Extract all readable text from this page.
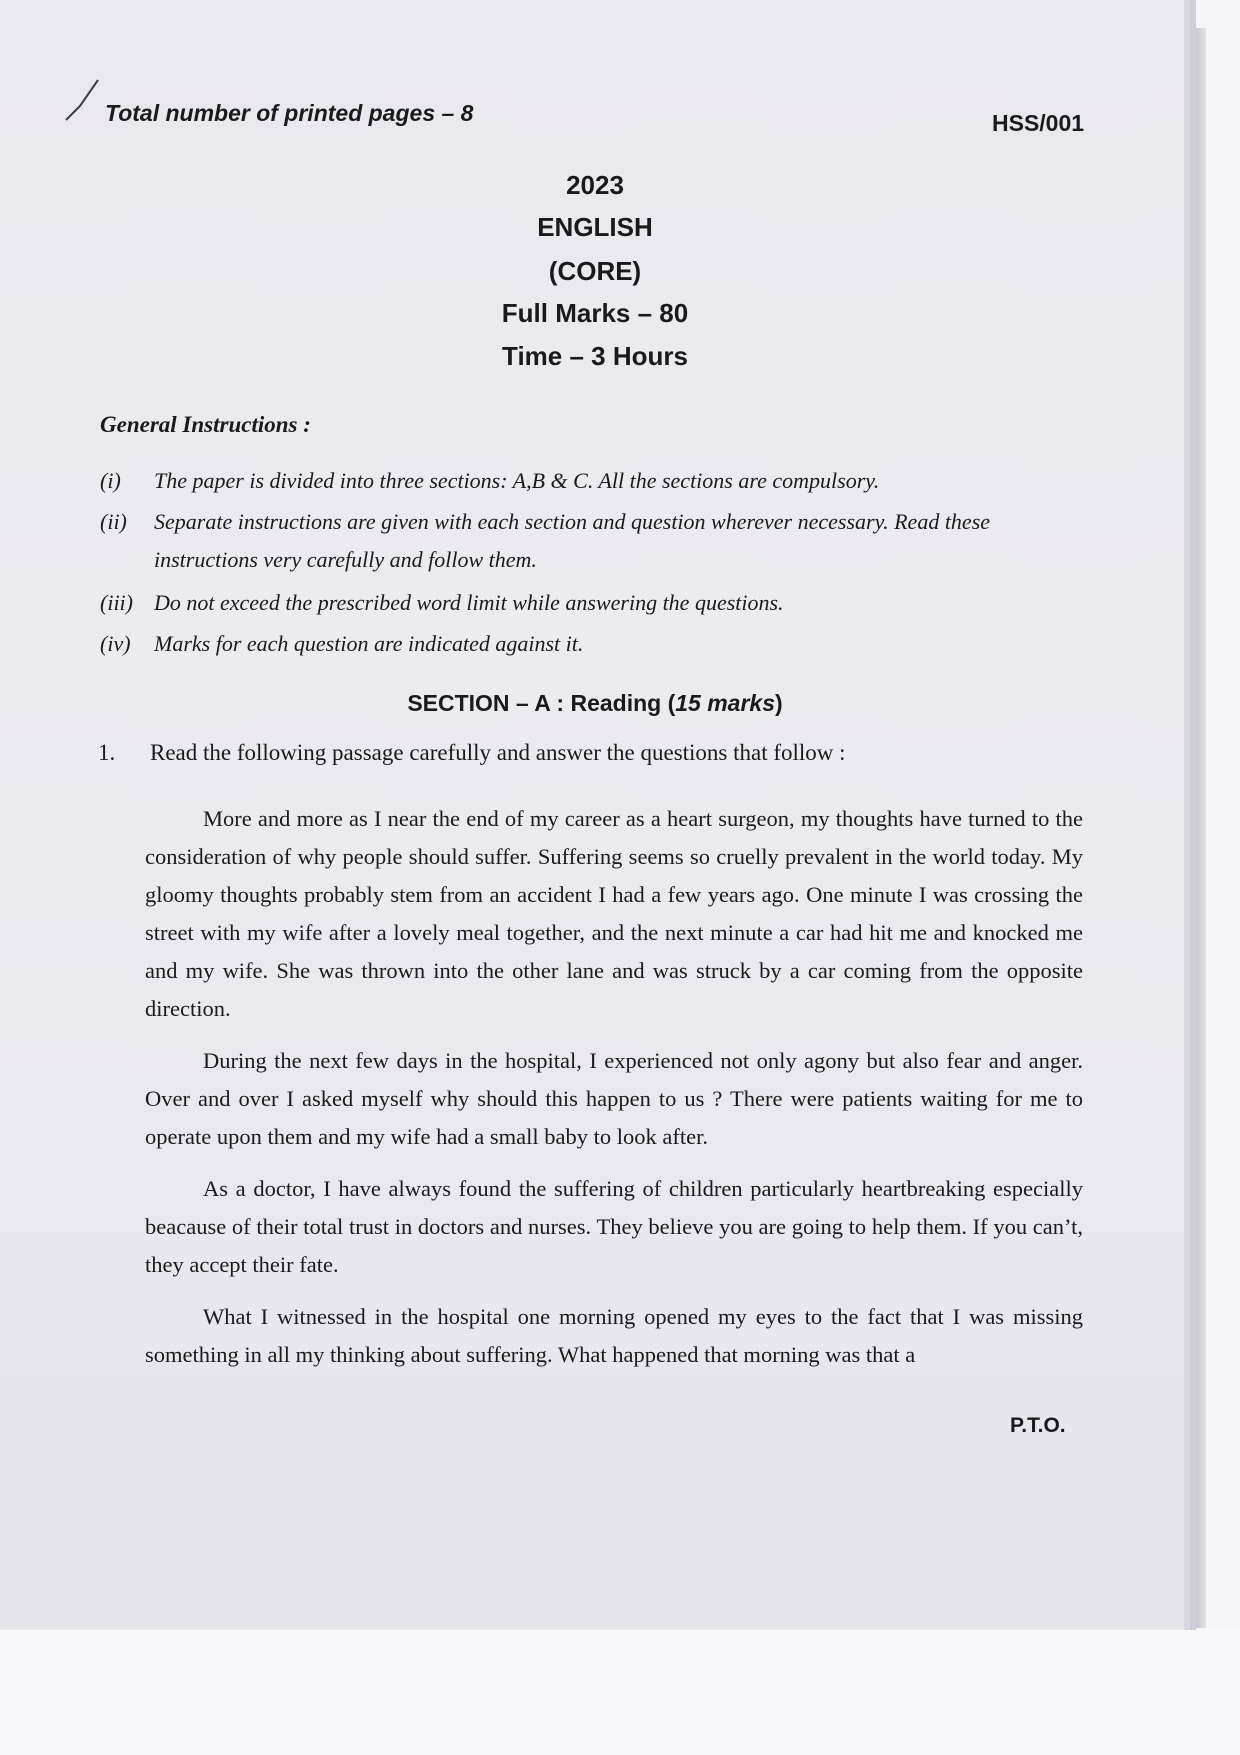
Total number of printed pages – 8	HSS/001
2023
ENGLISH
(CORE)
Full Marks – 80
Time – 3 Hours
General Instructions :
(i) The paper is divided into three sections: A,B & C. All the sections are compulsory.
(ii) Separate instructions are given with each section and question wherever necessary. Read these instructions very carefully and follow them.
(iii) Do not exceed the prescribed word limit while answering the questions.
(iv) Marks for each question are indicated against it.
SECTION – A : Reading (15 marks)
1. Read the following passage carefully and answer the questions that follow :
More and more as I near the end of my career as a heart surgeon, my thoughts have turned to the consideration of why people should suffer. Suffering seems so cruelly prevalent in the world today. My gloomy thoughts probably stem from an accident I had a few years ago. One minute I was crossing the street with my wife after a lovely meal together, and the next minute a car had hit me and knocked me and my wife. She was thrown into the other lane and was struck by a car coming from the opposite direction.
During the next few days in the hospital, I experienced not only agony but also fear and anger. Over and over I asked myself why should this happen to us ? There were patients waiting for me to operate upon them and my wife had a small baby to look after.
As a doctor, I have always found the suffering of children particularly heartbreaking especially beacause of their total trust in doctors and nurses. They believe you are going to help them. If you can’t, they accept their fate.
What I witnessed in the hospital one morning opened my eyes to the fact that I was missing something in all my thinking about suffering. What happened that morning was that a
P.T.O.
